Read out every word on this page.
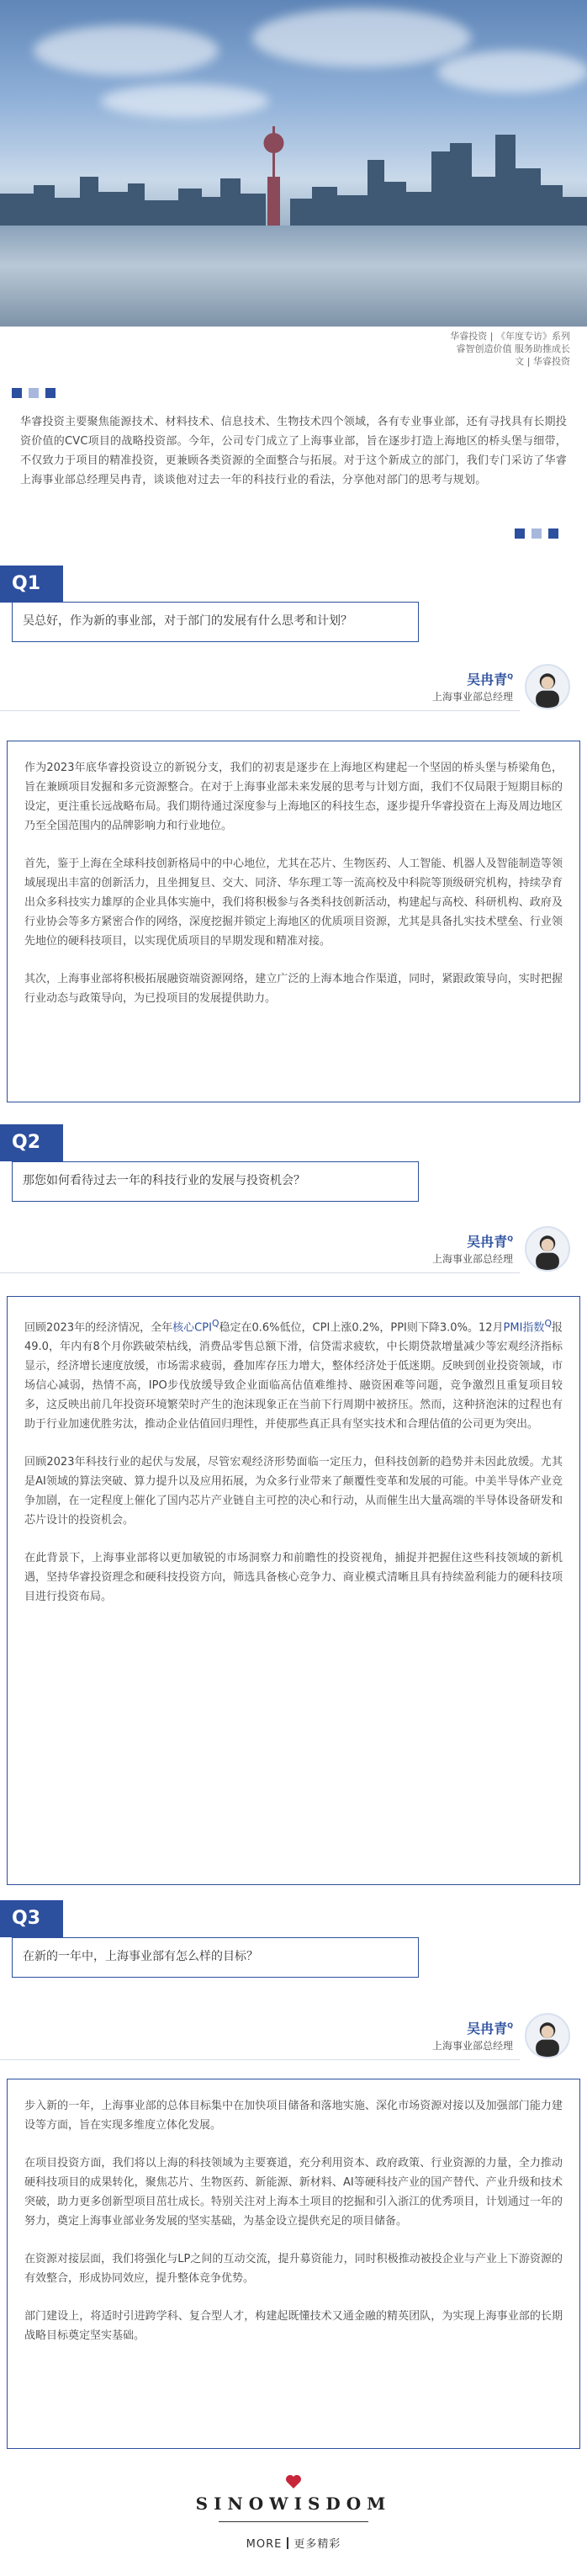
华睿投资 | 《年度专访》系列
睿智创造价值 服务助推成长
文 | 华睿投资
华睿投资主要聚焦能源技术、材料技术、信息技术、生物技术四个领域，各有专业事业部，还有寻找具有长期投资价值的CVC项目的战略投资部。今年，公司专门成立了上海事业部，旨在逐步打造上海地区的桥头堡与细带，不仅致力于项目的精准投资，更兼顾各类资源的全面整合与拓展。对于这个新成立的部门，我们专门采访了华睿上海事业部总经理吴冉青，谈谈他对过去一年的科技行业的看法，分享他对部门的思考与规划。
Q1
吴总好，作为新的事业部，对于部门的发展有什么思考和计划？
吴冉青$^Q$
上海事业部总经理

作为2023年底华睿投资设立的新锐分支，我们的初衷是逐步在上海地区构建起一个坚固的桥头堡与桥梁角色，旨在兼顾项目发掘和多元资源整合。在对于上海事业部未来发展的思考与计划方面，我们不仅局限于短期目标的设定，更注重长远战略布局。我们期待通过深度参与上海地区的科技生态，逐步提升华睿投资在上海及周边地区乃至全国范围内的品牌影响力和行业地位。

首先，鉴于上海在全球科技创新格局中的中心地位，尤其在芯片、生物医药、人工智能、机器人及智能制造等领域展现出丰富的创新活力，且坐拥复旦、交大、同济、华东理工等一流高校及中科院等顶级研究机构，持续孕育出众多科技实力雄厚的企业具体实施中，我们将积极参与各类科技创新活动，构建起与高校、科研机构、政府及行业协会等多方紧密合作的网络，深度挖掘并锁定上海地区的优质项目资源，尤其是具备扎实技术壁垒、行业领先地位的硬科技项目，以实现优质项目的早期发现和精准对接。

其次，上海事业部将积极拓展融资端资源网络，建立广泛的上海本地合作渠道，同时，紧跟政策导向，实时把握行业动态与政策导向，为已投项目的发展提供助力。

Q2
那您如何看待过去一年的科技行业的发展与投资机会？
吴冉青$^Q$
上海事业部总经理

回顾2023年的经济情况，全年核心$CPI^Q$稳定在0.6%低位，CPI上涨0.2%，PPI则下降3.0%。12月PMI指数$^Q$报49.0，年内有8个月你跌破荣枯线，消费品零售总额下滑，信贷需求疲软，中长期贷款增量减少等宏观经济指标显示，经济增长速度放缓，市场需求疲弱，叠加库存压力增大，整体经济处于低迷期。反映到创业投资领域，市场信心减弱，热情不高，IPO步伐放缓导致企业面临高估值难维持、融资困难等问题，竞争激烈且重复项目较多，这反映出前几年投资环境繁荣时产生的泡沫现象正在当前下行周期中被挤压。然而，这种挤泡沫的过程也有助于行业加速优胜劣汰，推动企业估值回归理性，并使那些真正具有坚实技术和合理估值的公司更为突出。

回顾2023年科技行业的起伏与发展，尽管宏观经济形势面临一定压力，但科技创新的趋势并未因此放缓。尤其是AI领域的算法突破、算力提升以及应用拓展，为众多行业带来了颠覆性变革和发展的可能。中美半导体产业竞争加剧，在一定程度上催化了国内芯片产业链自主可控的决心和行动，从而催生出大量高端的半导体设备研发和芯片设计的投资机会。

在此背景下，上海事业部将以更加敏锐的市场洞察力和前瞻性的投资视角，捕捉并把握住这些科技领域的新机遇，坚持华睿投资理念和硬科技投资方向，筛选具备核心竞争力、商业模式清晰且具有持续盈利能力的硬科技项目进行投资布局。

Q3
在新的一年中，上海事业部有怎么样的目标？
吴冉青$^Q$
上海事业部总经理

步入新的一年，上海事业部的总体目标集中在加快项目储备和落地实施、深化市场资源对接以及加强部门能力建设等方面，旨在实现多维度立体化发展。

在项目投资方面，我们将以上海的科技领域为主要赛道，充分利用资本、政府政策、行业资源的力量，全力推动硬科技项目的成果转化，聚焦芯片、生物医药、新能源、新材料、AI等硬科技产业的国产替代、产业升级和技术突破，助力更多创新型项目茁壮成长。特别关注对上海本土项目的挖掘和引入浙江的优秀项目，计划通过一年的努力，奠定上海事业部业务发展的坚实基础，为基金设立提供充足的项目储备。

在资源对接层面，我们将强化与LP之间的互动交流，提升募资能力，同时积极推动被投企业与产业上下游资源的有效整合，形成协同效应，提升整体竞争优势。

部门建设上，将适时引进跨学科、复合型人才，构建起既懂技术又通金融的精英团队，为实现上海事业部的长期战略目标奠定坚实基础。

SINOWISDOM
MORE 更多精彩
